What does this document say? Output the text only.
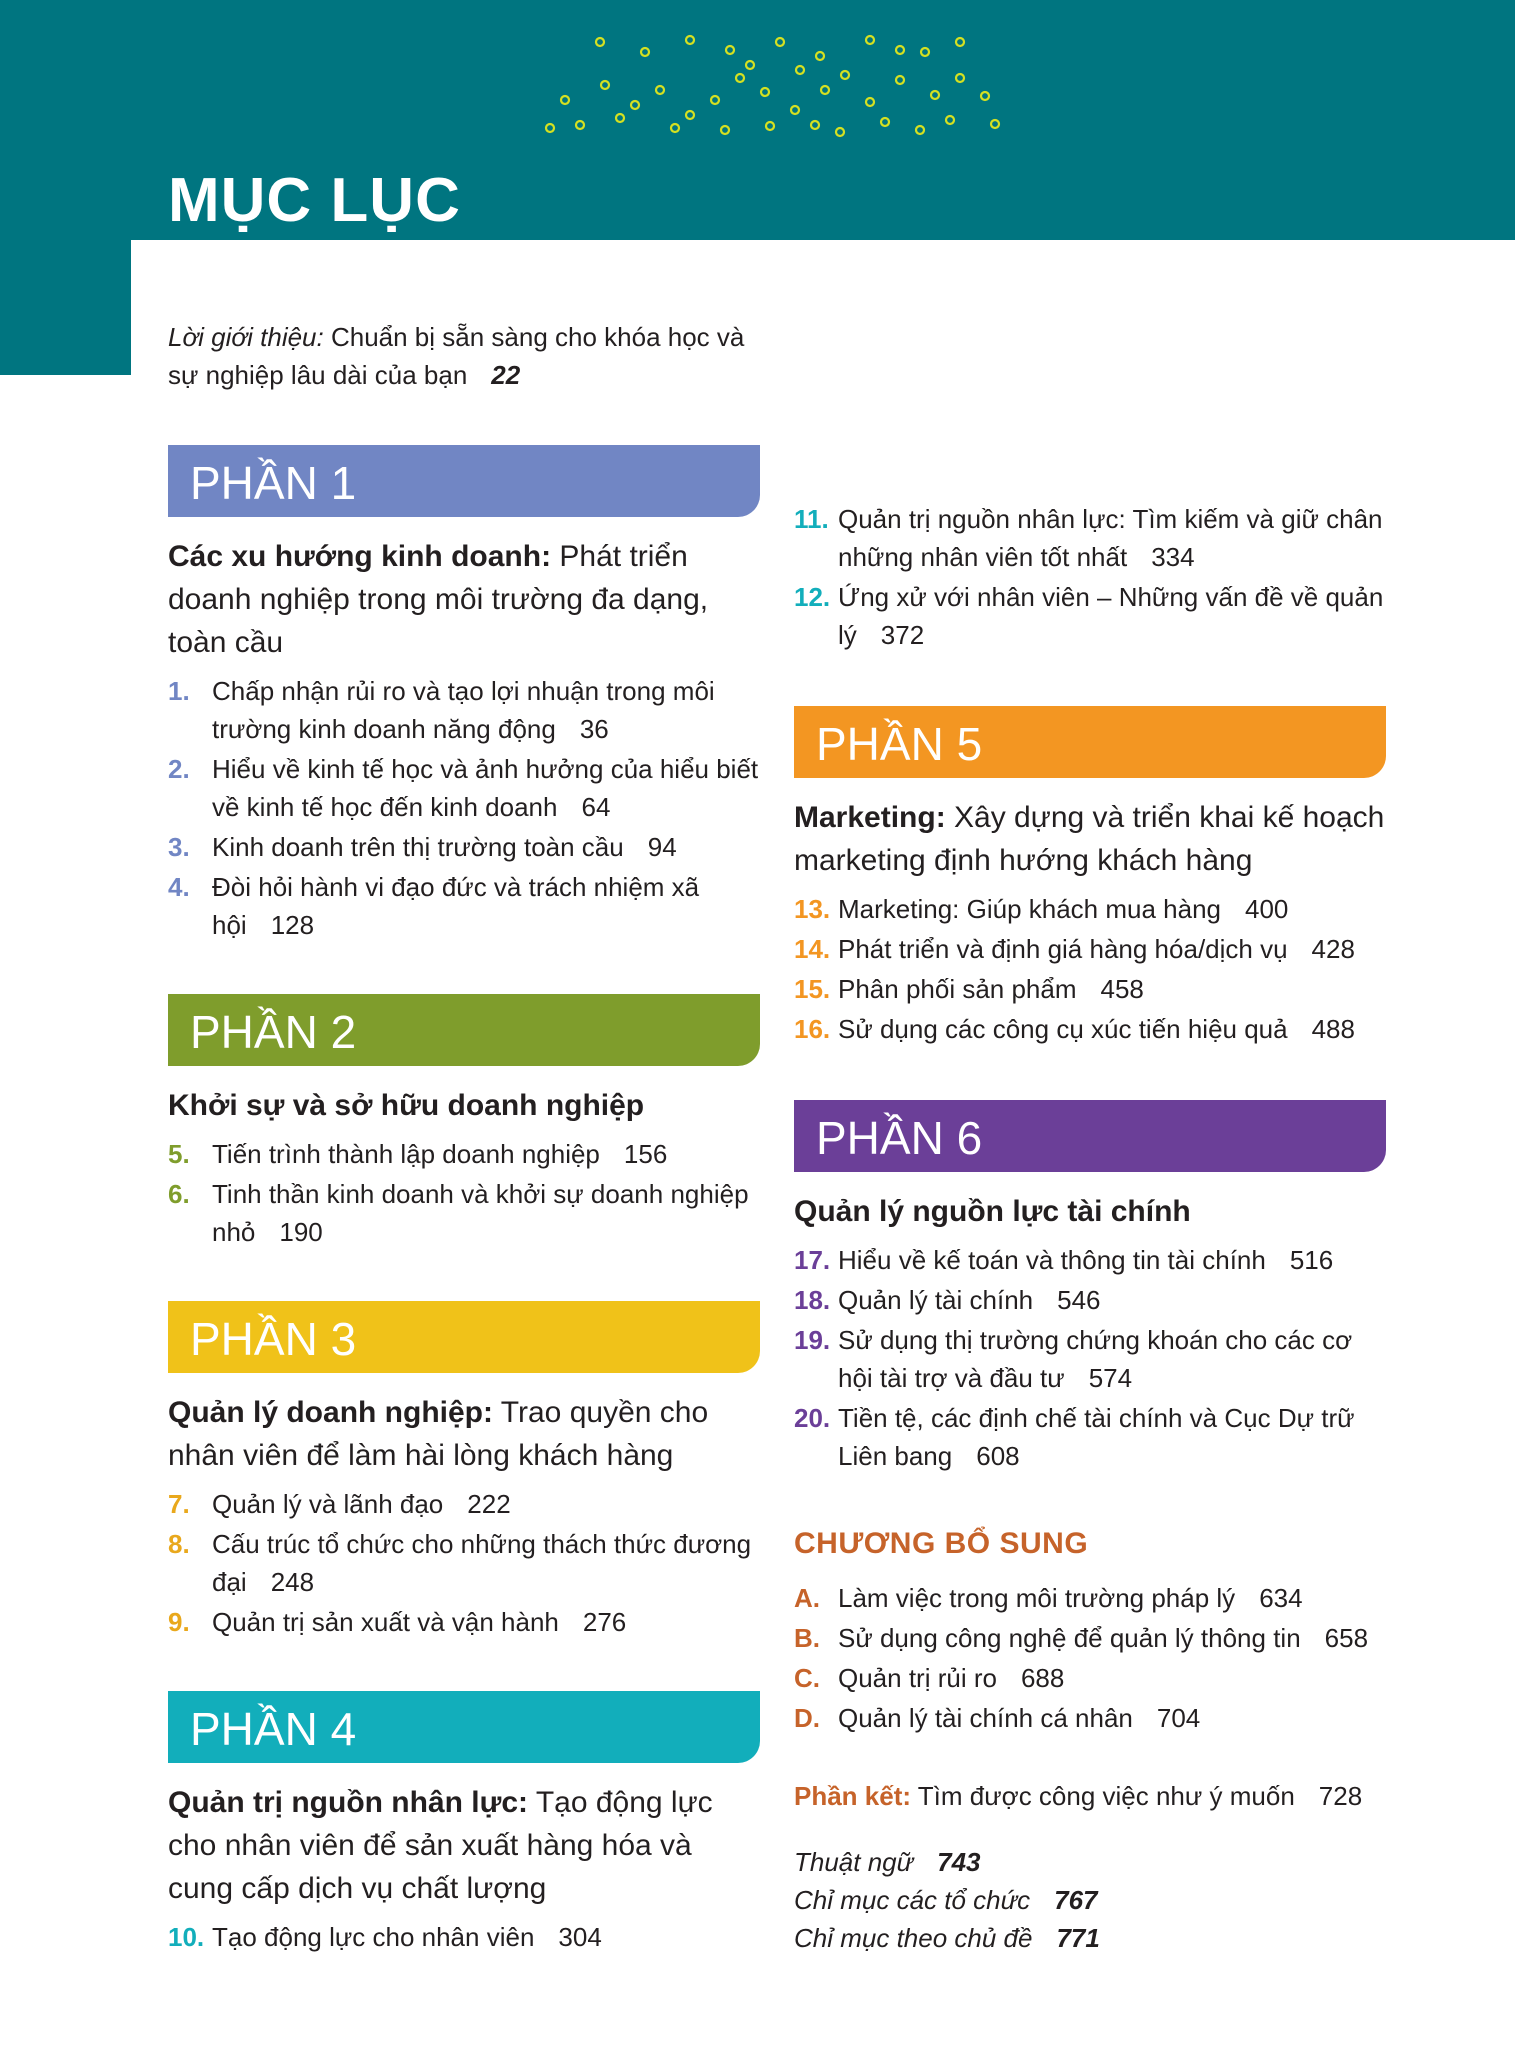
MỤC LỤC
Lời giới thiệu: Chuẩn bị sẵn sàng cho khóa học và sự nghiệp lâu dài của bạn 22
PHẦN 1
Các xu hướng kinh doanh: Phát triển doanh nghiệp trong môi trường đa dạng, toàn cầu
1. Chấp nhận rủi ro và tạo lợi nhuận trong môi trường kinh doanh năng động 36
2. Hiểu về kinh tế học và ảnh hưởng của hiểu biết về kinh tế học đến kinh doanh 64
3. Kinh doanh trên thị trường toàn cầu 94
4. Đòi hỏi hành vi đạo đức và trách nhiệm xã hội 128
PHẦN 2
Khởi sự và sở hữu doanh nghiệp
5. Tiến trình thành lập doanh nghiệp 156
6. Tinh thần kinh doanh và khởi sự doanh nghiệp nhỏ 190
PHẦN 3
Quản lý doanh nghiệp: Trao quyền cho nhân viên để làm hài lòng khách hàng
7. Quản lý và lãnh đạo 222
8. Cấu trúc tổ chức cho những thách thức đương đại 248
9. Quản trị sản xuất và vận hành 276
PHẦN 4
Quản trị nguồn nhân lực: Tạo động lực cho nhân viên để sản xuất hàng hóa và cung cấp dịch vụ chất lượng
10. Tạo động lực cho nhân viên 304
11. Quản trị nguồn nhân lực: Tìm kiếm và giữ chân những nhân viên tốt nhất 334
12. Ứng xử với nhân viên – Những vấn đề về quản lý 372
PHẦN 5
Marketing: Xây dựng và triển khai kế hoạch marketing định hướng khách hàng
13. Marketing: Giúp khách mua hàng 400
14. Phát triển và định giá hàng hóa/dịch vụ 428
15. Phân phối sản phẩm 458
16. Sử dụng các công cụ xúc tiến hiệu quả 488
PHẦN 6
Quản lý nguồn lực tài chính
17. Hiểu về kế toán và thông tin tài chính 516
18. Quản lý tài chính 546
19. Sử dụng thị trường chứng khoán cho các cơ hội tài trợ và đầu tư 574
20. Tiền tệ, các định chế tài chính và Cục Dự trữ Liên bang 608
CHƯƠNG BỔ SUNG
A. Làm việc trong môi trường pháp lý 634
B. Sử dụng công nghệ để quản lý thông tin 658
C. Quản trị rủi ro 688
D. Quản lý tài chính cá nhân 704
Phần kết: Tìm được công việc như ý muốn 728
Thuật ngữ 743
Chỉ mục các tổ chức 767
Chỉ mục theo chủ đề 771
